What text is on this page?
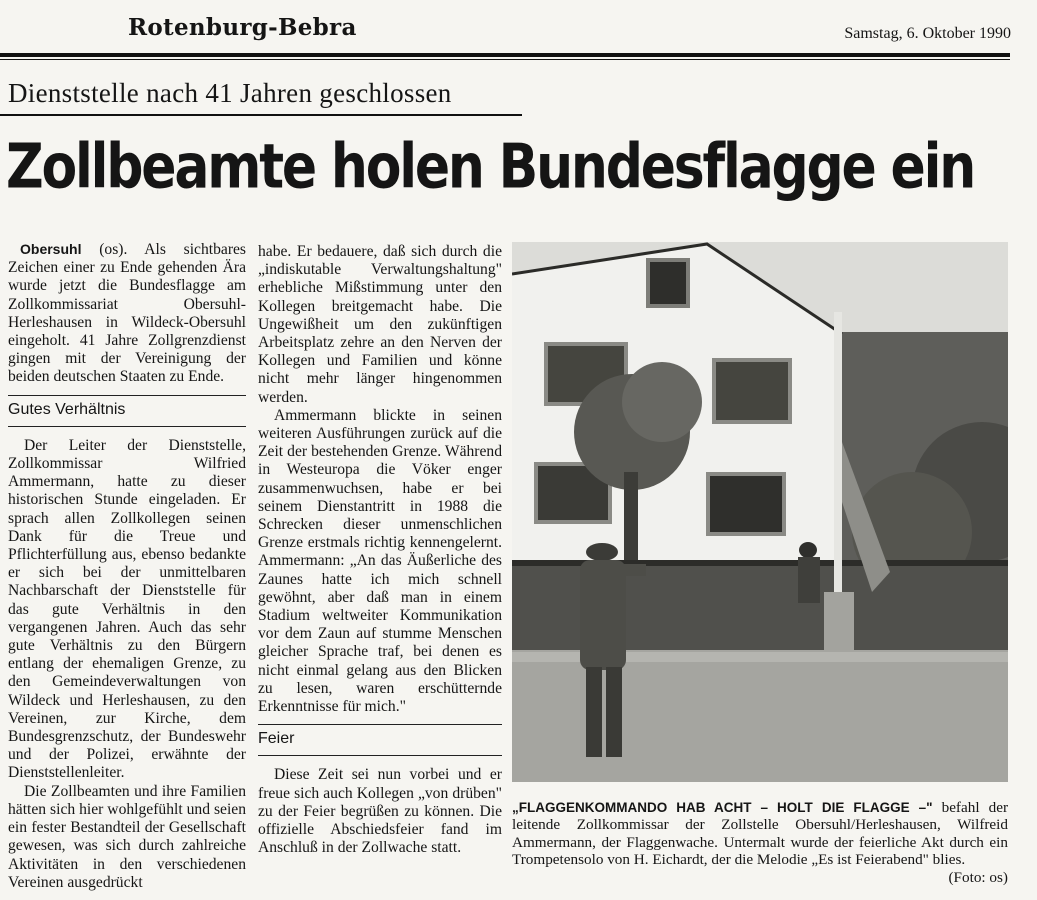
Rotenburg-Bebra	Samstag, 6. Oktober 1990
Dienststelle nach 41 Jahren geschlossen
Zollbeamte holen Bundesflagge ein

Obersuhl (os). Als sichtbares Zeichen einer zu Ende gehenden Ära wurde jetzt die Bundesflagge am Zollkommissariat Obersuhl-Herleshausen in Wildeck-Obersuhl eingeholt. 41 Jahre Zollgrenzdienst gingen mit der Vereinigung der beiden deutschen Staaten zu Ende.

Gutes Verhältnis

Der Leiter der Dienststelle, Zollkommissar Wilfried Ammermann, hatte zu dieser historischen Stunde eingeladen. Er sprach allen Zollkollegen seinen Dank für die Treue und Pflichterfüllung aus, ebenso bedankte er sich bei der unmittelbaren Nachbarschaft der Dienststelle für das gute Verhältnis in den vergangenen Jahren. Auch das sehr gute Verhältnis zu den Bürgern entlang der ehemaligen Grenze, zu den Gemeindeverwaltungen von Wildeck und Herleshausen, zu den Vereinen, zur Kirche, dem Bundesgrenzschutz, der Bundeswehr und der Polizei, erwähnte der Dienststellenleiter.

Die Zollbeamten und ihre Familien hätten sich hier wohlgefühlt und seien ein fester Bestandteil der Gesellschaft gewesen, was sich durch zahlreiche Aktivitäten in den verschiedenen Vereinen ausgedrückt

habe. Er bedauere, daß sich durch die „indiskutable Verwaltungshaltung" erhebliche Mißstimmung unter den Kollegen breitgemacht habe. Die Ungewißheit um den zukünftigen Arbeitsplatz zehre an den Nerven der Kollegen und Familien und könne nicht mehr länger hingenommen werden.

Ammermann blickte in seinen weiteren Ausführungen zurück auf die Zeit der bestehenden Grenze. Während in Westeuropa die Vöker enger zusammenwuchsen, habe er bei seinem Dienstantritt in 1988 die Schrecken dieser unmenschlichen Grenze erstmals richtig kennengelernt. Ammermann: „An das Äußerliche des Zaunes hatte ich mich schnell gewöhnt, aber daß man in einem Stadium weltweiter Kommunikation vor dem Zaun auf stumme Menschen gleicher Sprache traf, bei denen es nicht einmal gelang aus den Blicken zu lesen, waren erschütternde Erkenntnisse für mich."

Feier

Diese Zeit sei nun vorbei und er freue sich auch Kollegen „von drüben" zu der Feier begrüßen zu können. Die offizielle Abschiedsfeier fand im Anschluß in der Zollwache statt.

„FLAGGENKOMMANDO HAB ACHT – HOLT DIE FLAGGE –" befahl der leitende Zollkommissar der Zollstelle Obersuhl/Herleshausen, Wilfreid Ammermann, der Flaggenwache. Untermalt wurde der feierliche Akt durch ein Trompetensolo von H. Eichardt, der die Melodie „Es ist Feierabend" blies.
(Foto: os)
